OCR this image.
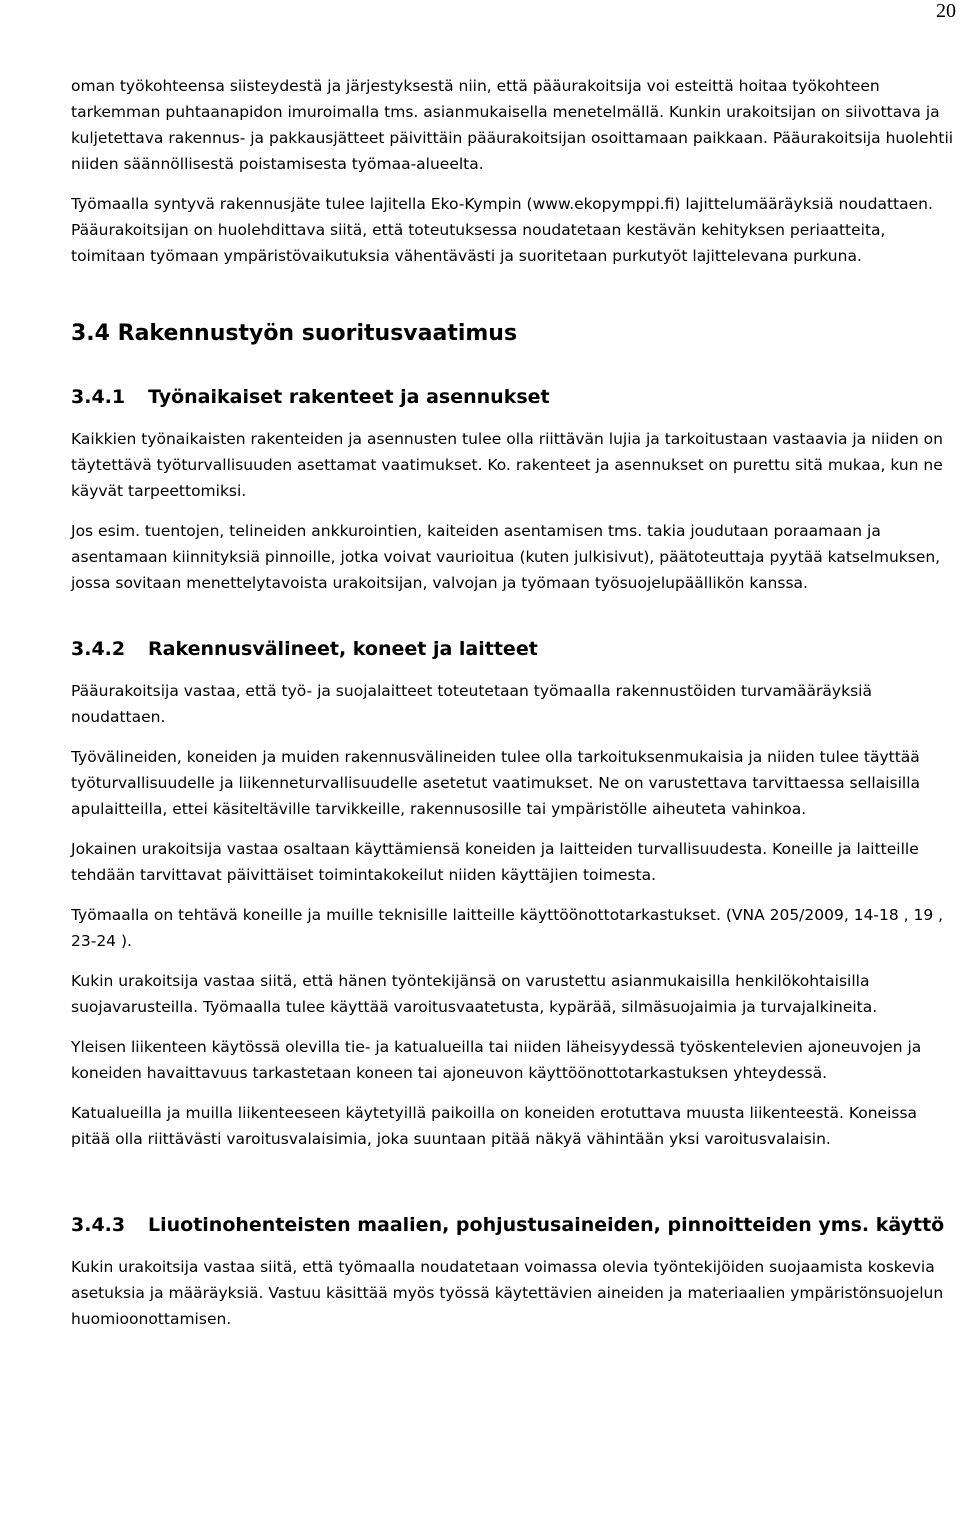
20

oman työkohteensa siisteydestä ja järjestyksestä niin, että pääurakoitsija voi esteittä hoitaa työkohteen tarkemman puhtaanapidon imuroimalla tms. asianmukaisella menetelmällä. Kunkin urakoitsijan on siivottava ja kuljetettava rakennus- ja pakkausjätteet päivittäin pääurakoitsijan osoittamaan paikkaan. Pääurakoitsija huolehtii niiden säännöllisestä poistamisesta työmaa-alueelta.

Työmaalla syntyvä rakennusjäte tulee lajitella Eko-Kympin (www.ekopymppi.fi) lajittelumääräyksiä noudattaen. Pääurakoitsijan on huolehdittava siitä, että toteutuksessa noudatetaan kestävän kehityksen periaatteita, toimitaan työmaan ympäristövaikutuksia vähentävästi ja suoritetaan purkutyöt lajittelevana purkuna.

3.4 Rakennustyön suoritusvaatimus
3.4.1 Työnaikaiset rakenteet ja asennukset

Kaikkien työnaikaisten rakenteiden ja asennusten tulee olla riittävän lujia ja tarkoitustaan vastaavia ja niiden on täytettävä työturvallisuuden asettamat vaatimukset. Ko. rakenteet ja asennukset on purettu sitä mukaa, kun ne käyvät tarpeettomiksi.

Jos esim. tuentojen, telineiden ankkurointien, kaiteiden asentamisen tms. takia joudutaan poraamaan ja asentamaan kiinnityksiä pinnoille, jotka voivat vaurioitua (kuten julkisivut), päätoteuttaja pyytää katselmuksen, jossa sovitaan menettelytavoista urakoitsijan, valvojan ja työmaan työsuojelupäällikön kanssa.

3.4.2 Rakennusvälineet, koneet ja laitteet

Pääurakoitsija vastaa, että työ- ja suojalaitteet toteutetaan työmaalla rakennustöiden turvamääräyksiä noudattaen.

Työvälineiden, koneiden ja muiden rakennusvälineiden tulee olla tarkoituksenmukaisia ja niiden tulee täyttää työturvallisuudelle ja liikenneturvallisuudelle asetetut vaatimukset. Ne on varustettava tarvittaessa sellaisilla apulaitteilla, ettei käsiteltäville tarvikkeille, rakennusosille tai ympäristölle aiheuteta vahinkoa.

Jokainen urakoitsija vastaa osaltaan käyttämiensä koneiden ja laitteiden turvallisuudesta. Koneille ja laitteille tehdään tarvittavat päivittäiset toimintakokeilut niiden käyttäjien toimesta.

Työmaalla on tehtävä koneille ja muille teknisille laitteille käyttöönottotarkastukset. (VNA 205/2009, 14-18 , 19 , 23-24 ).

Kukin urakoitsija vastaa siitä, että hänen työntekijänsä on varustettu asianmukaisilla henkilökohtaisilla suojavarusteilla. Työmaalla tulee käyttää varoitusvaatetusta, kypärää, silmäsuojaimia ja turvajalkineita.

Yleisen liikenteen käytössä olevilla tie- ja katualueilla tai niiden läheisyydessä työskentelevien ajoneuvojen ja koneiden havaittavuus tarkastetaan koneen tai ajoneuvon käyttöönottotarkastuksen yhteydessä.

Katualueilla ja muilla liikenteeseen käytetyillä paikoilla on koneiden erotuttava muusta liikenteestä. Koneissa pitää olla riittävästi varoitusvalaisimia, joka suuntaan pitää näkyä vähintään yksi varoitusvalaisin.

3.4.3 Liuotinohenteisten maalien, pohjustusaineiden, pinnoitteiden yms. käyttö

Kukin urakoitsija vastaa siitä, että työmaalla noudatetaan voimassa olevia työntekijöiden suojaamista koskevia asetuksia ja määräyksiä. Vastuu käsittää myös työssä käytettävien aineiden ja materiaalien ympäristönsuojelun huomioonottamisen.
